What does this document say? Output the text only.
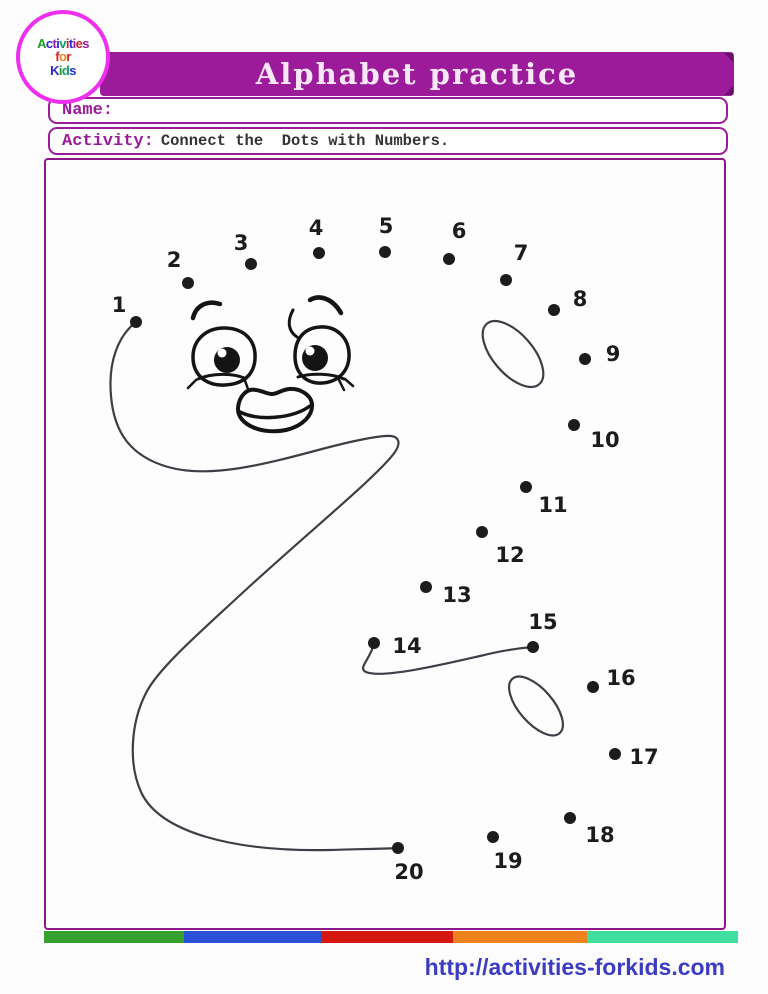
Activities
for
Kids	Alphabet practice
Name:
Activity: Connect the  Dots with Numbers.
1
2
3
4	5	6
7
8
9
10
11
12
13
14
15
16
17
18
19
20
http://activities-forkids.com
